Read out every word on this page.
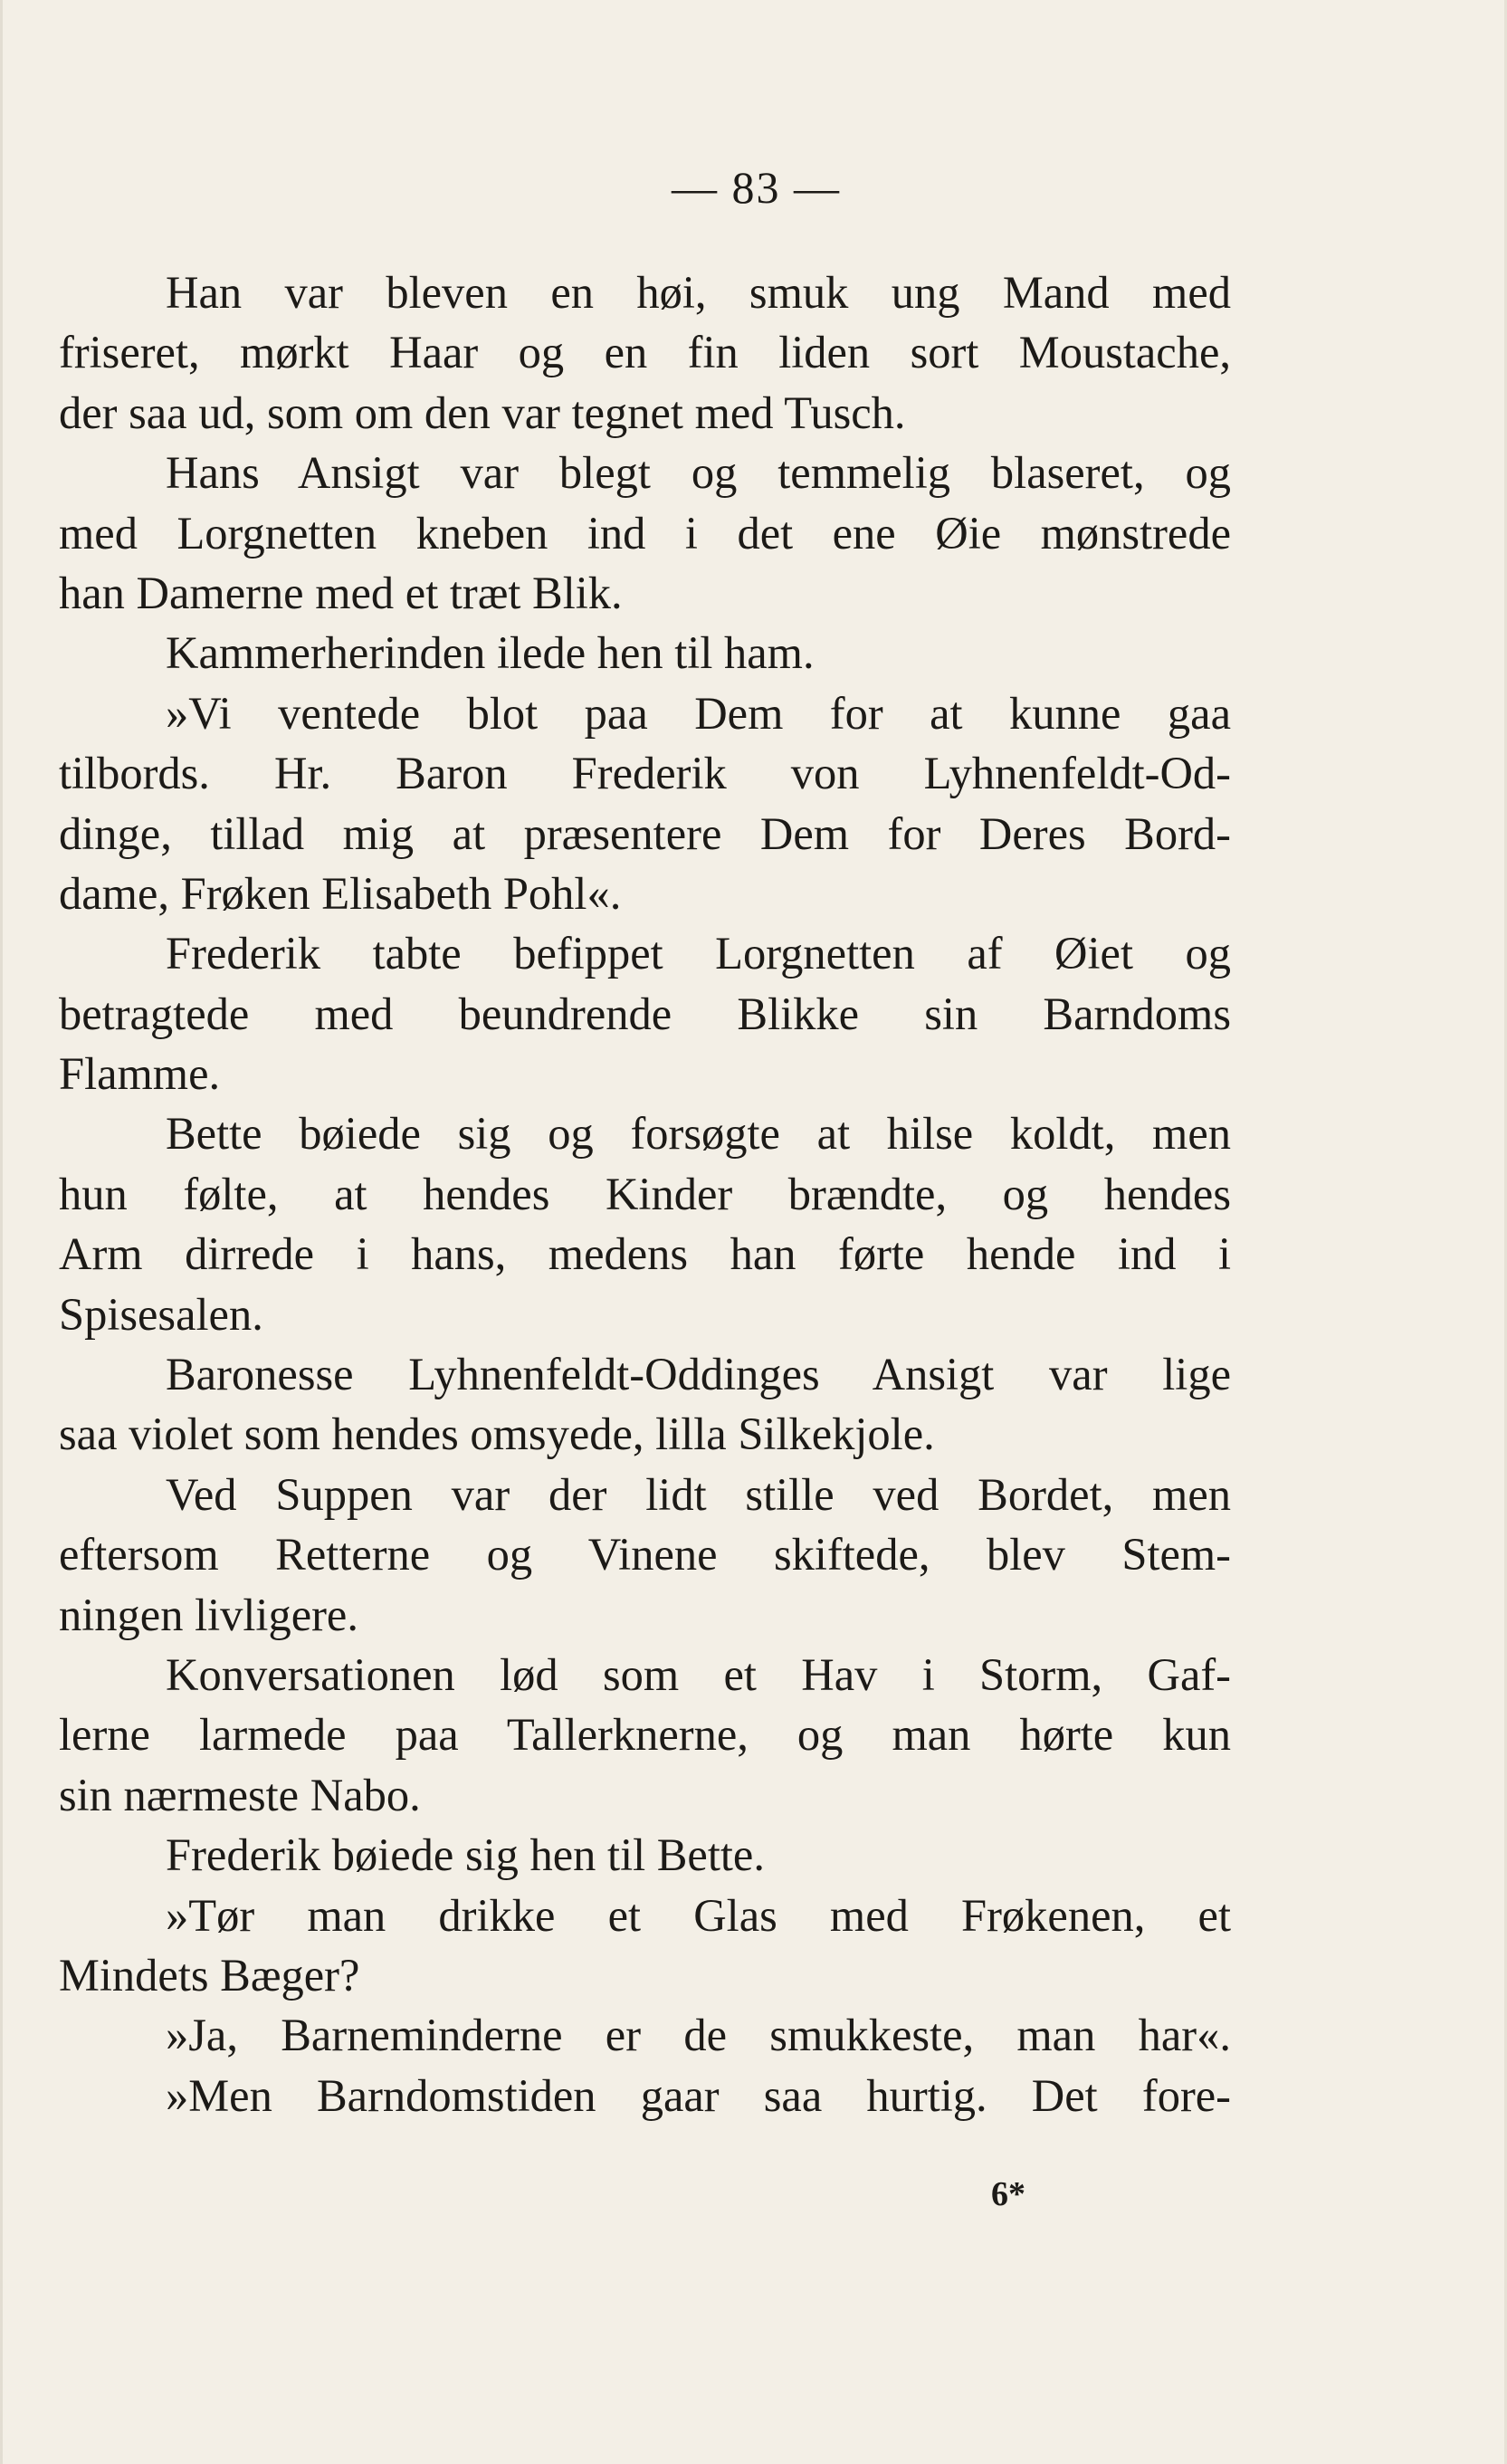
— 83 —
Han var bleven en høi, smuk ung Mand med
friseret, mørkt Haar og en fin liden sort Moustache,
der saa ud, som om den var tegnet med Tusch.
Hans Ansigt var blegt og temmelig blaseret, og
med Lorgnetten kneben ind i det ene Øie mønstrede
han Damerne med et træt Blik.
Kammerherinden ilede hen til ham.
»Vi ventede blot paa Dem for at kunne gaa
tilbords. Hr. Baron Frederik von Lyhnenfeldt-Od-
dinge, tillad mig at præsentere Dem for Deres Bord-
dame, Frøken Elisabeth Pohl«.
Frederik tabte befippet Lorgnetten af Øiet og
betragtede med beundrende Blikke sin Barndoms
Flamme.
Bette bøiede sig og forsøgte at hilse koldt, men
hun følte, at hendes Kinder brændte, og hendes
Arm dirrede i hans, medens han førte hende ind i
Spisesalen.
Baronesse Lyhnenfeldt-Oddinges Ansigt var lige
saa violet som hendes omsyede, lilla Silkekjole.
Ved Suppen var der lidt stille ved Bordet, men
eftersom Retterne og Vinene skiftede, blev Stem-
ningen livligere.
Konversationen lød som et Hav i Storm, Gaf-
lerne larmede paa Tallerknerne, og man hørte kun
sin nærmeste Nabo.
Frederik bøiede sig hen til Bette.
»Tør man drikke et Glas med Frøkenen, et
Mindets Bæger?
»Ja, Barneminderne er de smukkeste, man har«.
»Men Barndomstiden gaar saa hurtig. Det fore-
6*
